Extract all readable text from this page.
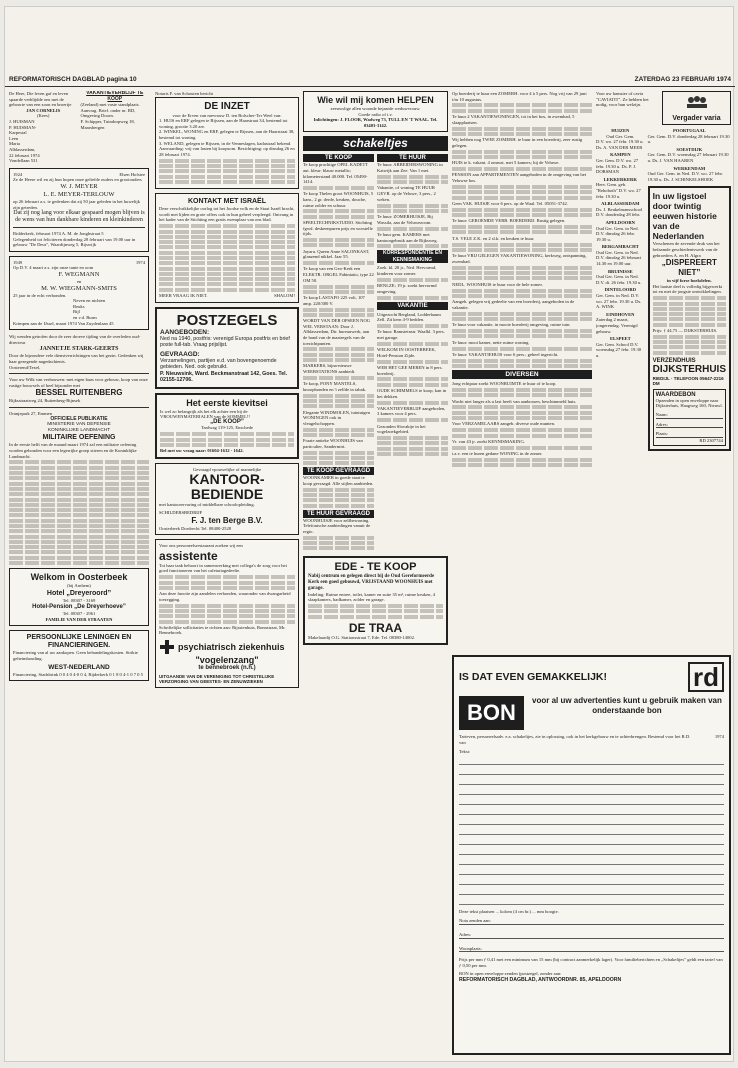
REFORMATORISCH DAGBLAD pagina 10	ZATERDAG 23 FEBRUARI 1974
De Here, Die leven gaf en leven spaarde verblijdde ons met de geboorte van een zoon en broertje
JAN CORNELIS
(Kees)
J. HUISMAN
P. HUISMAN-
Karpestal
Leen
Maria
Alblasserdam,
22 februari 1974
Vondellaan 531
VAKANTIEVERBLIJF TE KOOP
(Zeeland) met vaste standplaats. Aanvrag. Brief. onder nr. RD, Omgeving Doorn.
F. Schipper, Tuindorpweg 18, Maarsbergen
1924	Elsen Hofstee
Ze de Heere wil en zij hun hopen onze geliefde ouders en grootouders
W. J. MEYER
L. E. MEYER-TERLOUW
op 26 februari a.s. te gedenken dat zij 50 jaar geleden in het huwelijk zijn getreden.
Dat zij nog lang voor elkaar gespaard mogen blijven is de wens van hun dankbare kinderen en kleinkinderen
Ridderkerk, februari 1974 A. M. de Jonghstraat 5
Gelegenheid tot feliciteren donderdag 28 februari van 19.00 uur in gebouw "De Deur", Waardijnweg 5, Rijswijk
1949	1974
Op D.V. 4 maart a.s. zijn onze tante en oom
F. WEGMANN
en
M. W. WIEGMANN-SMITS
25 jaar in de echt verbonden.
Neven en nichten
Beuks
Bijl
en v.d. Burm
Krimpen aan de IJssel, maart 1974 Van Zuydenlaan 45
Wij wenden getrofen door de zeer droeve tijding van de overleden oud-directeur
JANNETJE STARK-GEERTS
Door de bijzondere vele dienstverrichtingen van het gezin. Gedenken wij haar gezegende nagedachtenis.
Oosterend/Texel,
Voor uw Wilk van verbouwen: met eigen baas voor gebouw, koop van onze rustige bouwsels of heel bijzonder met
BESSEL RUITENBERG
Rijksstraatweg 24, Ruitenberg-Bijnsek
Oranjepark 27, Emmen
OFFICIELE PUBLIKATIE
MINISTERIE VAN DEFENSIE
KONINKLIJKE LANDMACHT
MILITAIRE OEFENING
In de eerste helft van de maand maart 1974 zal een militaire oefening worden gehouden voor een legerrijke groep stieren en de Koninklijke Landmacht.
Welkom in Oosterbeek
(bij Arnhem)
Hotel „Dreyeroord”
Tel. 08307 - 3169
Hotel-Pension „De Dreyerhoeve”
Tel. 08307 - 2961
FAMILIE VAN DER STRAATEN
PERSOONLIJKE LENINGEN EN FINANCIERINGEN.
Financiering van al uw aankopen. Geen behandelingskosten. Strikte geheimhouding.
WEST-NEDERLAND
Financiering, Stadsbrink 0 0 4 0 4-0 0 4, Rijderkerk 0 1 8 0 4-1 0 7 0 5
Notaris F. van Schouten bericht
DE INZET
voor de Erven van mevrouw D. ten Bolscher-Ter Weel van:
1. HUIS en ERF gelegen te Rijssen, aan de Haarstraat 34, bestemd tot woning, grootte 3.20 are.
2. WINKEL, WONING en ERF, gelegen te Rijssen, aan de Haarstraat 38, bestemd tot woning.
3. WELAND, gelegen te Rijssen, in de Venneslagen, kadastraal bekend.
Aanvaarding: vrij van lasten bij koopsom. Bezichtiging: op dinsdag 26 en 28 februari 1974.
KONTAKT MET ISRAËL
Deze verschrikkelijke oorlog tot het Joodse volk en de Staat Israël bracht, wordt met lijden en grote offers ook in hun geheel verpleegd. Ontvang in het kader van de Stichting een gratis exemplaar van ons blad.
MEER VRAAG IK NIET.	SHALOM!
POSTZEGELS
AANGEBODEN:
Ned na 1940, postfris: verenigd Europa postfris en brief poste full-tab. Vraag prijslijst.
GEVRAAGD:
Verzamelingen, partijen e.d. van bovengenoemde gebieden. Ned. ook gebruikt.
P. Nieuwsink, Ward. Beckmanstraat 142, Goes. Tel. 02155-12706.
Het eerste kievitsei
Is wel zo belangrijk als het elk achter een bij de VROUWENMATERIALEN van de SOMMEL!!
„DE KOOP”
Tanlwag 119-125, Enschede
Bel met uw vraag naar: 01604-1632 - 1642.
Gevraagd vpouwelijke of mannelijke
KANTOOR-BEDIENDE
met kantoorervaring of middelbare schoolopleiding.
SCHILDERSBEDRIJF
F. J. ten Berge B.V.
Oosterbeek Dordrecht Tel. 08400-2528
Voor ons personeelsrestaurant zoeken wij een
assistente
Tot haar taak behoort in samenwerking met collega's de zorg voor het goed functioneren van het cafetariagedeelte.
Aan deze functie zijn aandelen verbonden, waaronder van dwangarbeid toezegging.
Schriftelijke sollicitaties te richten aan: Rijsstenhuis, Bonnstraat, Mr. Bennebroek.
psychiatrisch ziekenhuis
"vogelenzang"
te bennebroek (n.h.)
UITGAANDE VAN DE VERENIGING TOT CHRISTELIJKE VERZORGING VAN GEESTES- EN ZENUWZIEKEN
Wie wil mij komen HELPEN
zeeuwslige allen woonde bejaarde weduwvrouw.
Goede radio of t.v.
Inlichtingen: J. FLOOR, Wadweg 73, TULL EN 'T WAAL. Tel. 03403-3142.
schakeltjes
TE KOOP
Te koop prachtige OPEL KADETT aut. kleur: blauw metallic; kilometerstand 40.000. Tel. 05490-1414.
Te koop Thelen groot WOONHUIS, 5 kam., 2 gr. derde, keuken, douche, ruime zolder en schuur.
SPEELTECHNIKSTUDIO. Stichting fgwd. deskeenpuren prijs en worstelle tijds.
Jayaru. Queen Anne SALONKAST, glanzend nikkel. Jaar 55.
Te koop van een Geo-Kerk een ELEKTR. ORGEL Fabiniatio, type 22 OM 50.
Te koop LASTAFO 225 volt, 107 amp. 220/380 V.
WORDT VAN DER OPSEEN NOG WEL VERSTAAN: Door J. Alblasserdam, Dir. bureauwerk, aan de hand van de maatregels van de toezichtpunten.
MARKERS, bijna-nieuwe WEERSTATIONS aanbiedt.
Te koop, PONY MANTELS, knoopbonden en 't zelfde in tabak.
Elegante WINDMOLEN, tuintuigen WONINGEN ook in vleugelschoppen.
Fraaie antieke WOONHUIS van particulier, Sandermirt.
TE KOOP GEVRAAGD
WOONKAMER in goede staat te koop gevraagd. Alle stijlen aanbieden.
TE HUUR GEVRAAGD
WOONHUISJE voor zelfbewoning. Telefonische aanbiedingen vanuit de regio.
TE HUUR
Te huur: ARBEIDERSWONING in Katwijk aan Zee. Van 1 mei.
Vakantie, of woning TE HUUR GEVR. op de Veluwe, 3 pers., 2 weken.
Te huur: ZOMERHUISJE, Bij Wassila, aan de Veluwezoom.
Te huur gem. KAMERS met kantoorgebruik aan de Rijksweg.
KORRESPONDENTIE EN KENNISMAKING
Zoek. kl. 20 jr., Ned. Hervormd, kinderen voor zomer.
BENLZE; 19 jr. zoekt hervormd omgeving.
VAKANTIE
Uitgezocht Bergland, Lodderbaum Zell. Zit kern 4-9 bedden.
Te huur: Ramsteinstr. Waalkl. 3 pers. met garage.
WELKOM IN OOSTERBEEK, Hotel-Pension Zijde.
WEB HET GEE MEREN in 8 pers. boerderij.
OUDE SCHIMMELS te koop, kan in het dekken.
VAKANTIEVERBLIJF aangeboden, 3 kamers voor 4 pers.
Gezonden Slovakije in het vogelzoekgebied.
EDE - TE KOOP
Nabij centrum en gelegen direct bij de Oud Gereformeerde Kerk een goed gebouwd, VRIJSTAAND WOONHUIS met garage.
Indeling: Ruime entree, toilet, kamer en suite 35 m², ruime keuken, 4 slaapkamers, badkamer, zolder en garage.
DE TRAA
Makelaardij O.G. Stationsstraat 7, Ede. Tel. 08380-14002.
Op boerderij te huur een ZOMERH. voor 4 à 5 pers. Nog vrij van 29 juni t/m 10 augustus.
Te huur 2 VAKANTIEWONINGEN, tot in het bos, in zwembad, 5 slaapplaatsen.
Wij hebben nog TWEE ZOMERH. te huur in een boerderij, zeer rustig gelegen.
HUIS te k. vakant. 4 omrust. met 5 kamers; bij de Veluwe.
PENSION aan APPARTEMENTEN aangeboden in de omgeving van het Veluwse bos.
Geen VAK. HUISJE voor 6 pers. op de Waal. Tel. 05051-3742.
Te huur: GEROEMDE VERB. BOERDERIJ. Rustig gelegen.
T.S. VELE Z.K. en 2 sl.k. en keuken te huur.
Te huur VRIJ GELEGEN VAKANTIEWONING, kerkweg, ontspanning, zwembad.
NEDL. WOONHUIS te huur voor de hele zomer.
Aangeb. gelegen vrij gedeelte van een boerderij, aangeboden in de vakantie.
Te huur voor vakantie, in mooie boerderij omgeving, ruime tuin.
Te huur: mooi kamer, nette ruime woning.
Te huur: VAKANTIEHUIS voor 6 pers.; geheel ingericht.
DIVERSEN
Jong echtpaar zoekt WOONRUIMTE te huur of te koop.
Wacht niet langer als u last heeft van aanbossen, beschimmeld huis.
Voor VERZAMELAARS aangeb. diverse oude munten.
Vr. van 43 jr. zoekt KENNISMAKING.
t.a.v. een te huren gedane WONING in de zomer.
Voor uw hamster of cavia "CAVIATIT". Ze hebben het nodig, voor hun welzijn.
Vergader varia
HUIZEN
Oud Ger. Gem.
D.V. wo. 27 febr. 19.30 u. Ds. A. VAN DER MEER
KAMPEN
Ger. Gem. D.V. wo. 27 febr. 19.30 u. Ds. P. J. DORSMAN
LEKKERKERK
Herv. Gem. geb. "Rehoboth" D.V. wo. 27 febr. 19.30 u.
ALBLASSERDAM
Ds. J. Beukelmansschool D.V. donderdag 28 febr.
APELDOORN
Oud Ger. Gem. in Ned. D.V. dinsdag 26 febr. 19.30 u.
BERGAMBACHT
Oud Ger. Gem. in Ned. D.V. dinsdag 26 februari 14.30 en 19.00 uur.
BRUINISSE
Oud Ger. Gem. in Ned. D.V. di. 26 febr. 19.30 u.
DINTELOORD
Ger. Gem. in Ned. D.V. wo. 27 febr. 19.30 u. Ds. A. WINK
EINDHOVEN
Zaterdag 2 maart, jongerendag. Verenigd gebouw.
ELSPEET
Ger. Gem. School D.V. woensdag 27 febr. 19.30 u.
POORTUGAAL
Ger. Gem. D.V. donderdag 28 februari 19.30 u.
SOESTDIJK
Ger. Gem. D.V. woensdag 27 februari 19.30 u. Ds. J. VAN HAAREN
WERKENDAM
Oud Ger. Gem. in Ned. D.V. wo. 27 febr. 19.30 u. Ds. J. SCHINKELSHOEK
In uw ligstoel door twintig eeuwen historie van de Nederlanden
Verschenen de zevende druk van het befaamde geschiedeniswerk van de gebroeders A. en H. Algra
„DISPEREERT NIET”
in vijf forse boekdelen.
Het laatste deel is volledig bijgewerkt tot en met de jongste ontwikkelingen.
Prijs: ƒ 44,75 — DIJKSTERHUIS.
VERZENDHUIS
DIJKSTERHUIS
RIEDIJL · TELEFOON 05647-2216 DM
WAARDEBON
Opzenden in open enveloppe naar Dijksterhuis, Haagweg 160, Nieuwl.
Naam:
Adres:
Plaats:
RD 2307744
IS DAT EVEN GEMAKKELIJK!	rd
BON	voor al uw advertenties kunt u gebruik maken van onderstaande bon
Tarieven, personeelsadv. e.a. schakeltjes, zie in oplossing, ook in het kerkgebouw en te achterbrengen. Bestemd voor het R.D. van
1974
Tekst:
Deze tekst plaatsen ... kolom (4 cm br.) ... mm hoogte.
Nota zenden aan:
Adres:
Woonplaats:
Prijs per mm ƒ 0,41 met een minimum van 15 mm (bij contract aanmerkelijk lager). Voor familieberichten en „Schakeltjes” geldt een tarief van ƒ 0,50 per mm.
BON in open enveloppe zenden (postzegel, zonder aan:
REFORMATORISCH DAGBLAD, ANTWOORDNR. 85, APELDOORN
